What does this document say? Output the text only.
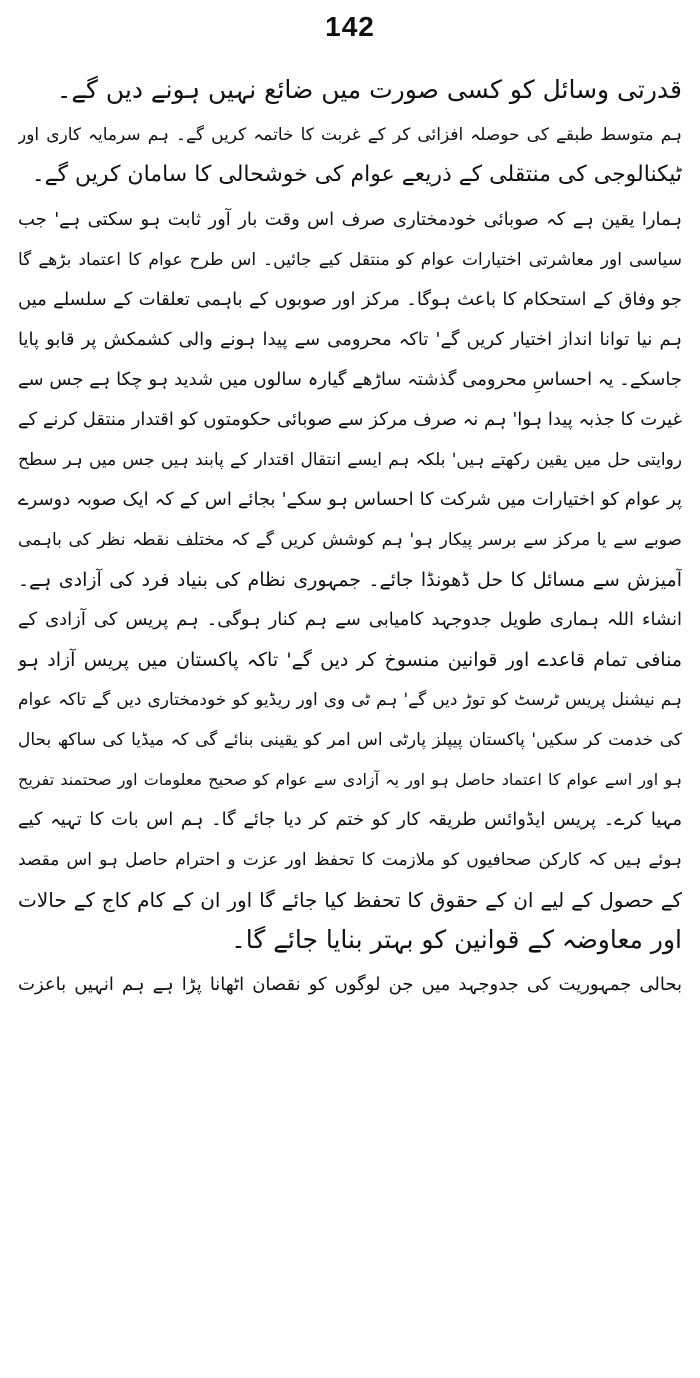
142
قدرتی وسائل کو کسی صورت میں ضائع نہیں ہونے دیں گے۔
ہم متوسط طبقے کی حوصلہ افزائی کر کے غربت کا خاتمہ کریں گے۔ ہم سرمایہ کاری اور
ٹیکنالوجی کی منتقلی کے ذریعے عوام کی خوشحالی کا سامان کریں گے۔
ہمارا یقین ہے کہ صوبائی خودمختاری صرف اس وقت بار آور ثابت ہو سکتی ہے' جب
سیاسی اور معاشرتی اختیارات عوام کو منتقل کیے جائیں۔ اس طرح عوام کا اعتماد بڑھے گا
جو وفاق کے استحکام کا باعث ہوگا۔ مرکز اور صوبوں کے باہمی تعلقات کے سلسلے میں
ہم نیا توانا انداز اختیار کریں گے' تاکہ محرومی سے پیدا ہونے والی کشمکش پر قابو پایا
جاسکے۔ یہ احساسِ محرومی گذشتہ ساڑھے گیارہ سالوں میں شدید ہو چکا ہے جس سے
غیرت کا جذبہ پیدا ہوا' ہم نہ صرف مرکز سے صوبائی حکومتوں کو اقتدار منتقل کرنے کے
روایتی حل میں یقین رکھتے ہیں' بلکہ ہم ایسے انتقال اقتدار کے پابند ہیں جس میں ہر سطح
پر عوام کو اختیارات میں شرکت کا احساس ہو سکے' بجائے اس کے کہ ایک صوبہ دوسرے
صوبے سے یا مرکز سے برسر پیکار ہو' ہم کوشش کریں گے کہ مختلف نقطہ نظر کی باہمی
آمیزش سے مسائل کا حل ڈھونڈا جائے۔ جمہوری نظام کی بنیاد فرد کی آزادی ہے۔
انشاء اللہ ہماری طویل جدوجہد کامیابی سے ہم کنار ہوگی۔ ہم پریس کی آزادی کے
منافی تمام قاعدے اور قوانین منسوخ کر دیں گے' تاکہ پاکستان میں پریس آزاد ہو
ہم نیشنل پریس ٹرسٹ کو توڑ دیں گے' ہم ٹی وی اور ریڈیو کو خودمختاری دیں گے تاکہ عوام
کی خدمت کر سکیں' پاکستان پیپلز پارٹی اس امر کو یقینی بنائے گی کہ میڈیا کی ساکھ بحال
ہو اور اسے عوام کا اعتماد حاصل ہو اور یہ آزادی سے عوام کو صحیح معلومات اور صحتمند تفریح
مہیا کرے۔ پریس ایڈوائس طریقہ کار کو ختم کر دیا جائے گا۔ ہم اس بات کا تہیہ کیے
ہوئے ہیں کہ کارکن صحافیوں کو ملازمت کا تحفظ اور عزت و احترام حاصل ہو اس مقصد
کے حصول کے لیے ان کے حقوق کا تحفظ کیا جائے گا اور ان کے کام کاج کے حالات
اور معاوضہ کے قوانین کو بہتر بنایا جائے گا۔
بحالی جمہوریت کی جدوجہد میں جن لوگوں کو نقصان اٹھانا پڑا ہے ہم انہیں باعزت
